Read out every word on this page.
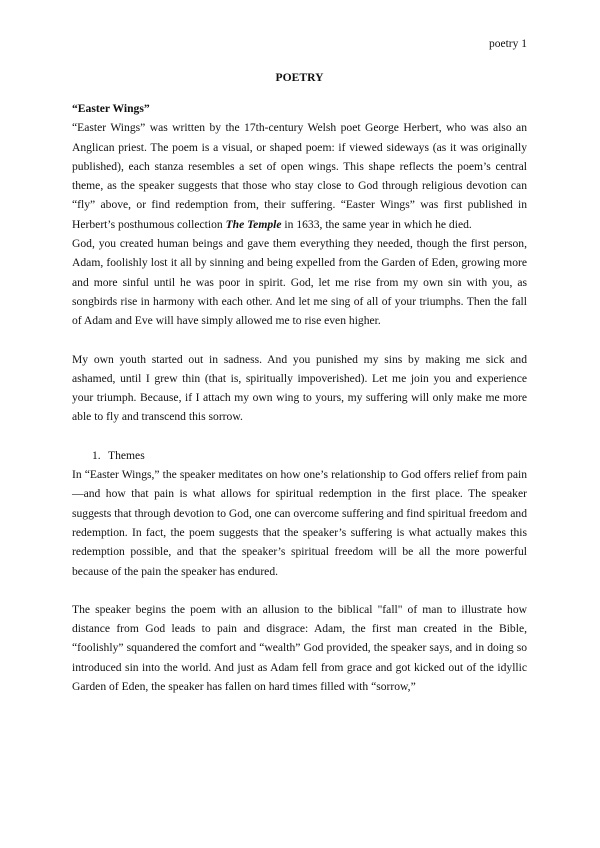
poetry 1
POETRY
“Easter Wings”

“Easter Wings” was written by the 17th-century Welsh poet George Herbert, who was also an Anglican priest. The poem is a visual, or shaped poem: if viewed sideways (as it was originally published), each stanza resembles a set of open wings. This shape reflects the poem’s central theme, as the speaker suggests that those who stay close to God through religious devotion can “fly” above, or find redemption from, their suffering. “Easter Wings” was first published in Herbert’s posthumous collection The Temple in 1633, the same year in which he died.

God, you created human beings and gave them everything they needed, though the first person, Adam, foolishly lost it all by sinning and being expelled from the Garden of Eden, growing more and more sinful until he was poor in spirit. God, let me rise from my own sin with you, as songbirds rise in harmony with each other. And let me sing of all of your triumphs. Then the fall of Adam and Eve will have simply allowed me to rise even higher.

My own youth started out in sadness. And you punished my sins by making me sick and ashamed, until I grew thin (that is, spiritually impoverished). Let me join you and experience your triumph. Because, if I attach my own wing to yours, my suffering will only make me more able to fly and transcend this sorrow.

1. Themes

In “Easter Wings,” the speaker meditates on how one’s relationship to God offers relief from pain—and how that pain is what allows for spiritual redemption in the first place. The speaker suggests that through devotion to God, one can overcome suffering and find spiritual freedom and redemption. In fact, the poem suggests that the speaker’s suffering is what actually makes this redemption possible, and that the speaker’s spiritual freedom will be all the more powerful because of the pain the speaker has endured.

The speaker begins the poem with an allusion to the biblical "fall" of man to illustrate how distance from God leads to pain and disgrace: Adam, the first man created in the Bible, “foolishly” squandered the comfort and “wealth” God provided, the speaker says, and in doing so introduced sin into the world. And just as Adam fell from grace and got kicked out of the idyllic Garden of Eden, the speaker has fallen on hard times filled with “sorrow,”
